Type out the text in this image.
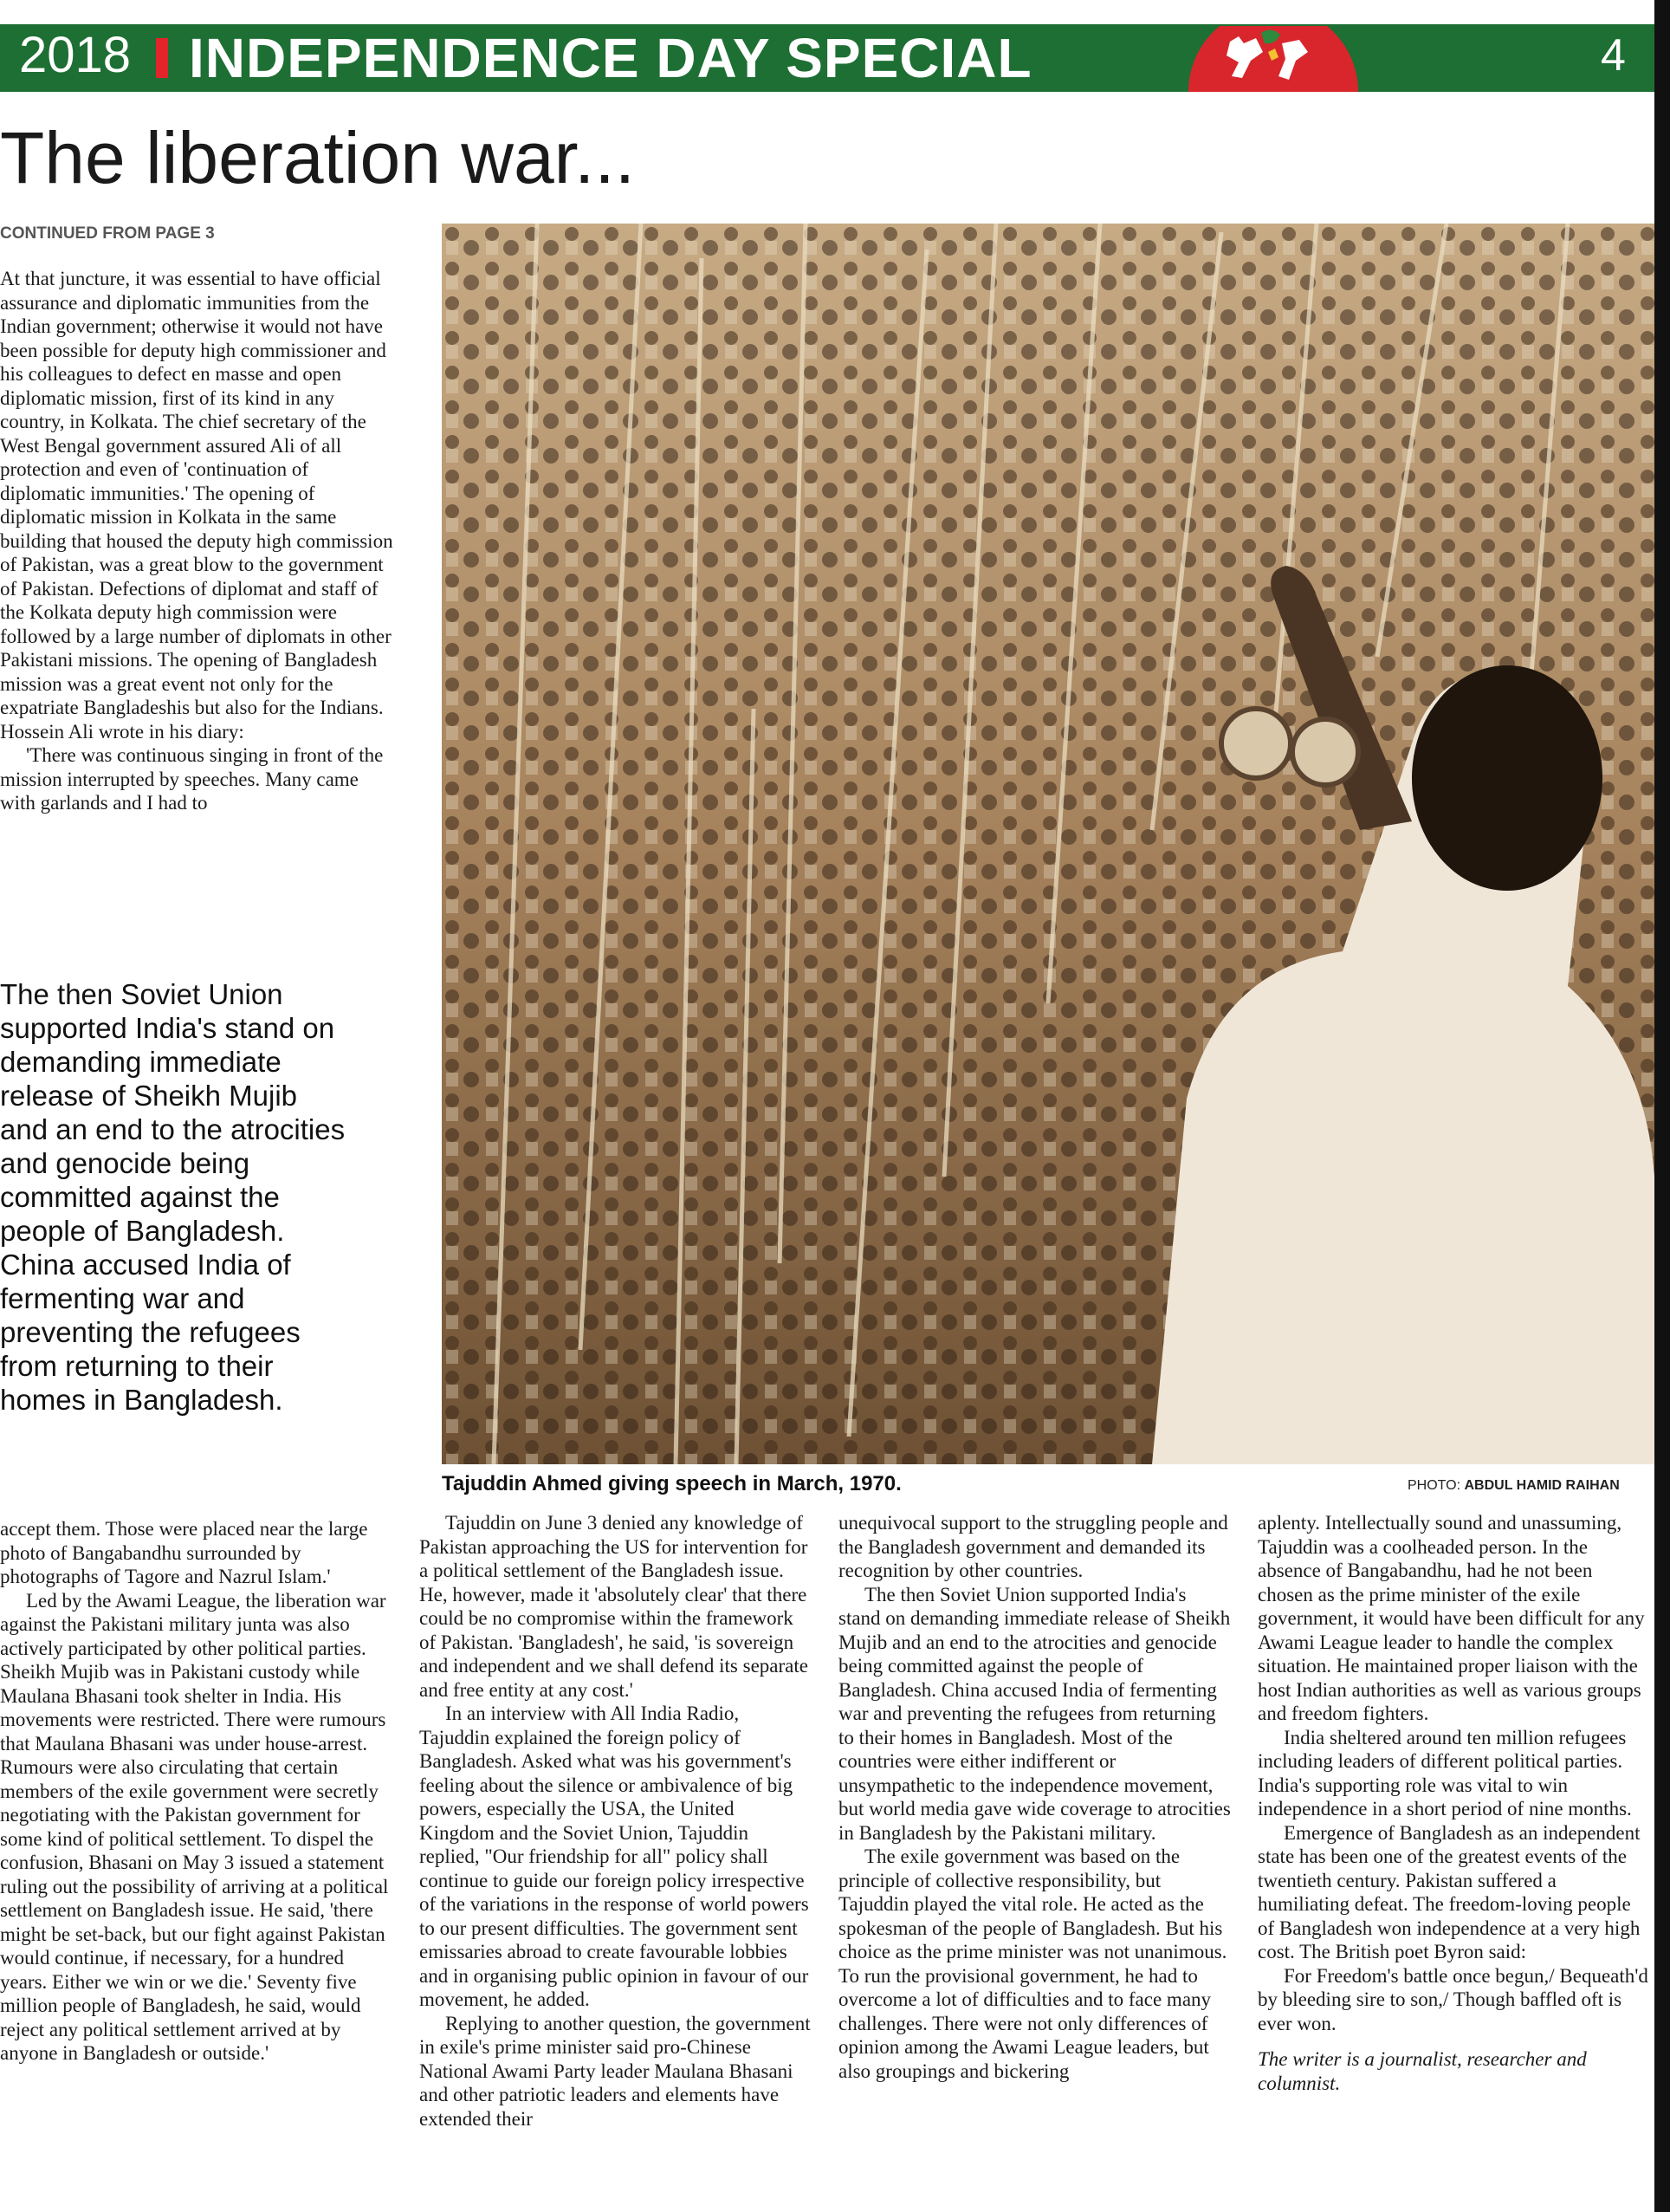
2018 INDEPENDENCE DAY SPECIAL	4
The liberation war...
CONTINUED FROM PAGE 3

At that juncture, it was essential to have official assurance and diplomatic immunities from the Indian government; otherwise it would not have been possible for deputy high commissioner and his colleagues to defect en masse and open diplomatic mission, first of its kind in any country, in Kolkata. The chief secretary of the West Bengal government assured Ali of all protection and even of 'continuation of diplomatic immunities.' The opening of diplomatic mission in Kolkata in the same building that housed the deputy high commission of Pakistan, was a great blow to the government of Pakistan. Defections of diplomat and staff of the Kolkata deputy high commission were followed by a large number of diplomats in other Pakistani missions. The opening of Bangladesh mission was a great event not only for the expatriate Bangladeshis but also for the Indians. Hossein Ali wrote in his diary:

'There was continuous singing in front of the mission interrupted by speeches. Many came with garlands and I had to

The then Soviet Union supported India's stand on demanding immediate release of Sheikh Mujib and an end to the atrocities and genocide being committed against the people of Bangladesh. China accused India of fermenting war and preventing the refugees from returning to their homes in Bangladesh.
Tajuddin Ahmed giving speech in March, 1970.	PHOTO: ABDUL HAMID RAIHAN

accept them. Those were placed near the large photo of Bangabandhu surrounded by photographs of Tagore and Nazrul Islam.'

Led by the Awami League, the liberation war against the Pakistani military junta was also actively participated by other political parties. Sheikh Mujib was in Pakistani custody while Maulana Bhasani took shelter in India. His movements were restricted. There were rumours that Maulana Bhasani was under house-arrest. Rumours were also circulating that certain members of the exile government were secretly negotiating with the Pakistan government for some kind of political settlement. To dispel the confusion, Bhasani on May 3 issued a statement ruling out the possibility of arriving at a political settlement on Bangladesh issue. He said, 'there might be set-back, but our fight against Pakistan would continue, if necessary, for a hundred years. Either we win or we die.' Seventy five million people of Bangladesh, he said, would reject any political settlement arrived at by anyone in Bangladesh or outside.'

Tajuddin on June 3 denied any knowledge of Pakistan approaching the US for intervention for a political settlement of the Bangladesh issue. He, however, made it 'absolutely clear' that there could be no compromise within the framework of Pakistan. 'Bangladesh', he said, 'is sovereign and independent and we shall defend its separate and free entity at any cost.'

In an interview with All India Radio, Tajuddin explained the foreign policy of Bangladesh. Asked what was his government's feeling about the silence or ambivalence of big powers, especially the USA, the United Kingdom and the Soviet Union, Tajuddin replied, "Our friendship for all" policy shall continue to guide our foreign policy irrespective of the variations in the response of world powers to our present difficulties. The government sent emissaries abroad to create favourable lobbies and in organising public opinion in favour of our movement, he added.

Replying to another question, the government in exile's prime minister said pro-Chinese National Awami Party leader Maulana Bhasani and other patriotic leaders and elements have extended their

unequivocal support to the struggling people and the Bangladesh government and demanded its recognition by other countries.

The then Soviet Union supported India's stand on demanding immediate release of Sheikh Mujib and an end to the atrocities and genocide being committed against the people of Bangladesh. China accused India of fermenting war and preventing the refugees from returning to their homes in Bangladesh. Most of the countries were either indifferent or unsympathetic to the independence movement, but world media gave wide coverage to atrocities in Bangladesh by the Pakistani military.

The exile government was based on the principle of collective responsibility, but Tajuddin played the vital role. He acted as the spokesman of the people of Bangladesh. But his choice as the prime minister was not unanimous. To run the provisional government, he had to overcome a lot of difficulties and to face many challenges. There were not only differences of opinion among the Awami League leaders, but also groupings and bickering

aplenty. Intellectually sound and unassuming, Tajuddin was a coolheaded person. In the absence of Bangabandhu, had he not been chosen as the prime minister of the exile government, it would have been difficult for any Awami League leader to handle the complex situation. He maintained proper liaison with the host Indian authorities as well as various groups and freedom fighters.

India sheltered around ten million refugees including leaders of different political parties. India's supporting role was vital to win independence in a short period of nine months.

Emergence of Bangladesh as an independent state has been one of the greatest events of the twentieth century. Pakistan suffered a humiliating defeat. The freedom-loving people of Bangladesh won independence at a very high cost. The British poet Byron said:

For Freedom's battle once begun,/ Bequeath'd by bleeding sire to son,/ Though baffled oft is ever won.

The writer is a journalist, researcher and columnist.
